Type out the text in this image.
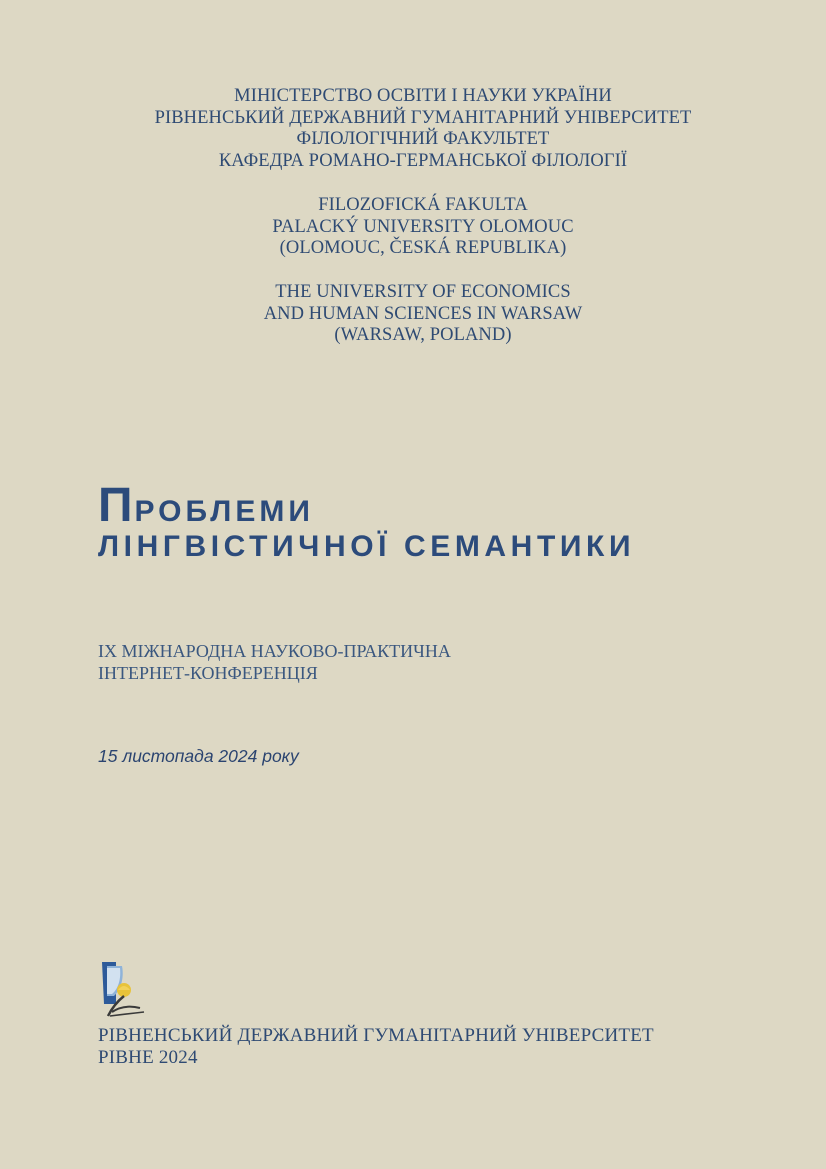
МІНІСТЕРСТВО ОСВІТИ І НАУКИ УКРАЇНИ
РІВНЕНСЬКИЙ ДЕРЖАВНИЙ ГУМАНІТАРНИЙ УНІВЕРСИТЕТ
ФІЛОЛОГІЧНИЙ ФАКУЛЬТЕТ
КАФЕДРА РОМАНО-ГЕРМАНСЬКОЇ ФІЛОЛОГІЇ
FILOZOFICKÁ FAKULTA
PALACKÝ UNIVERSITY OLOMOUC
(OLOMOUC, ČESKÁ REPUBLIKA)
THE UNIVERSITY OF ECONOMICS
AND HUMAN SCIENCES IN WARSAW
(WARSAW, POLAND)
ПРОБЛЕМИ
ЛІНГВІСТИЧНОЇ СЕМАНТИКИ
IX МІЖНАРОДНА НАУКОВО-ПРАКТИЧНА
ІНТЕРНЕТ-КОНФЕРЕНЦІЯ
15 листопада 2024 року
РІВНЕНСЬКИЙ ДЕРЖАВНИЙ ГУМАНІТАРНИЙ УНІВЕРСИТЕТ
РІВНЕ 2024
